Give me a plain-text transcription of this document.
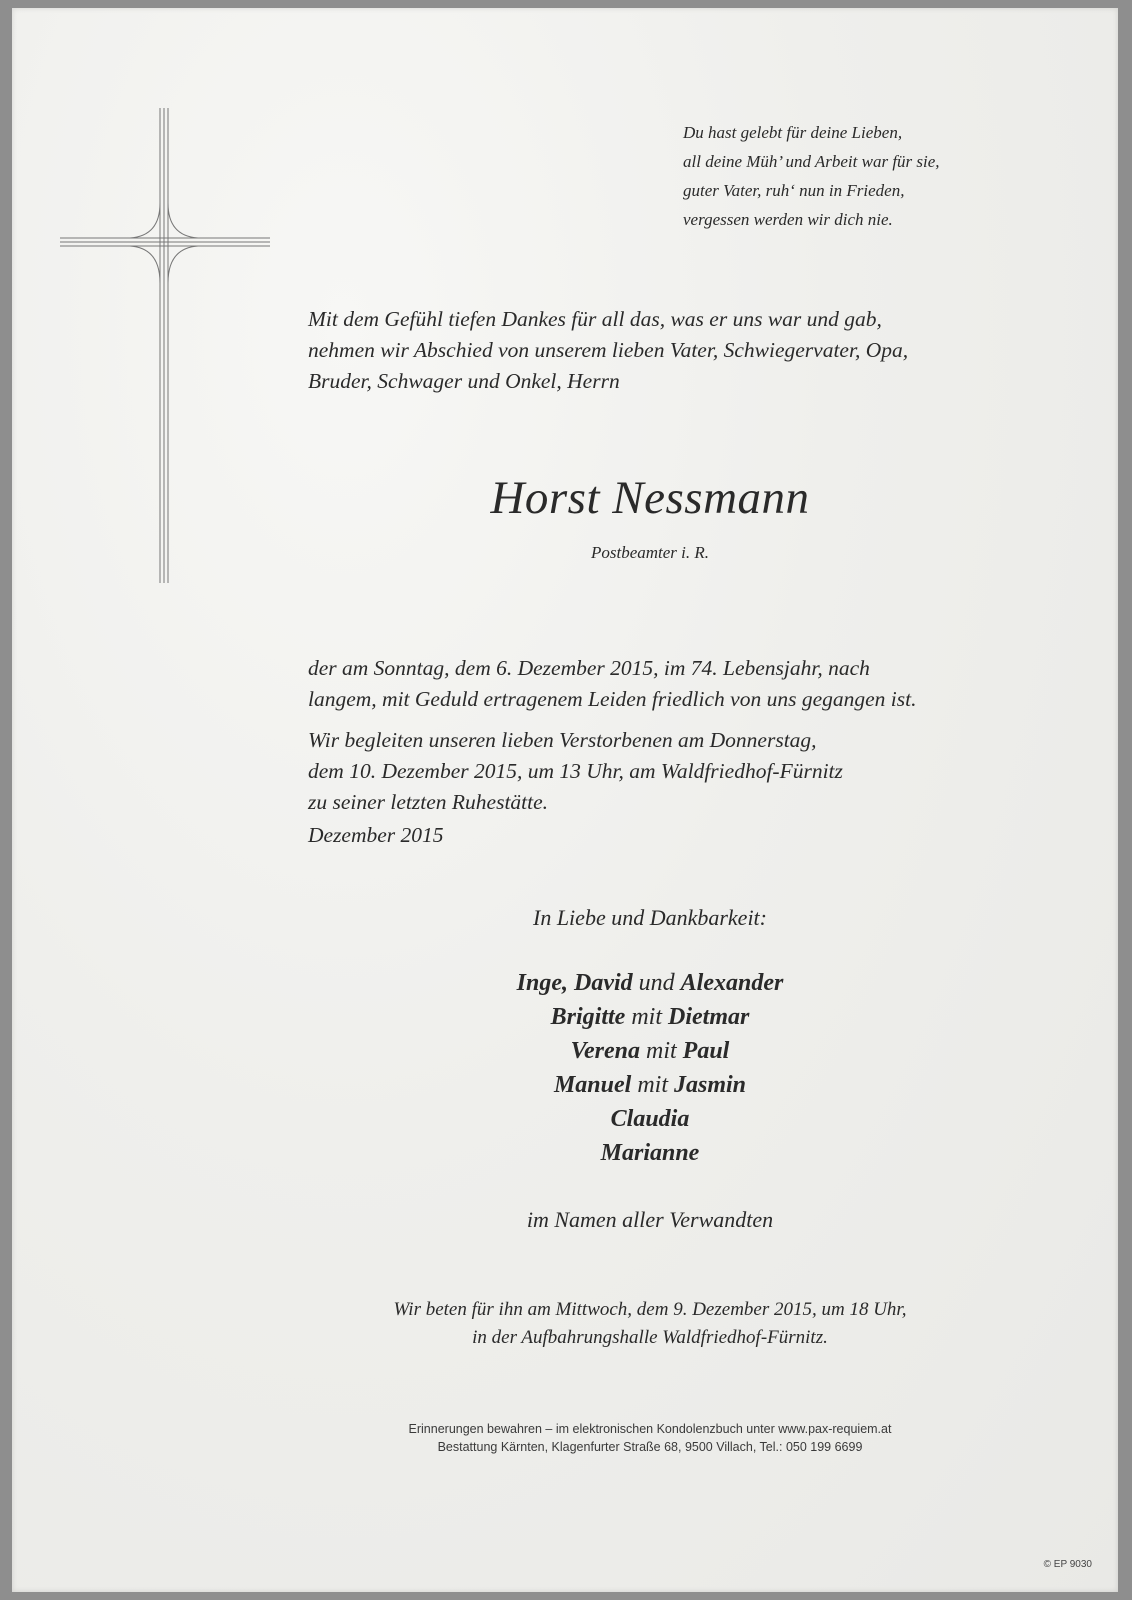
Du hast gelebt für deine Lieben,
all deine Müh’ und Arbeit war für sie,
guter Vater, ruh‘ nun in Frieden,
vergessen werden wir dich nie.
Mit dem Gefühl tiefen Dankes für all das, was er uns war und gab,
nehmen wir Abschied von unserem lieben Vater, Schwiegervater, Opa,
Bruder, Schwager und Onkel, Herrn
Horst Nessmann
Postbeamter i. R.
der am Sonntag, dem 6. Dezember 2015, im 74. Lebensjahr, nach
langem, mit Geduld ertragenem Leiden friedlich von uns gegangen ist.
Wir begleiten unseren lieben Verstorbenen am Donnerstag,
dem 10. Dezember 2015, um 13 Uhr, am Waldfriedhof-Fürnitz
zu seiner letzten Ruhestätte.
Dezember 2015
In Liebe und Dankbarkeit:
Inge, David und Alexander
Brigitte mit Dietmar
Verena mit Paul
Manuel mit Jasmin
Claudia
Marianne
im Namen aller Verwandten
Wir beten für ihn am Mittwoch, dem 9. Dezember 2015, um 18 Uhr,
in der Aufbahrungshalle Waldfriedhof-Fürnitz.
Erinnerungen bewahren – im elektronischen Kondolenzbuch unter www.pax-requiem.at
Bestattung Kärnten, Klagenfurter Straße 68, 9500 Villach, Tel.: 050 199 6699
© EP 9030
